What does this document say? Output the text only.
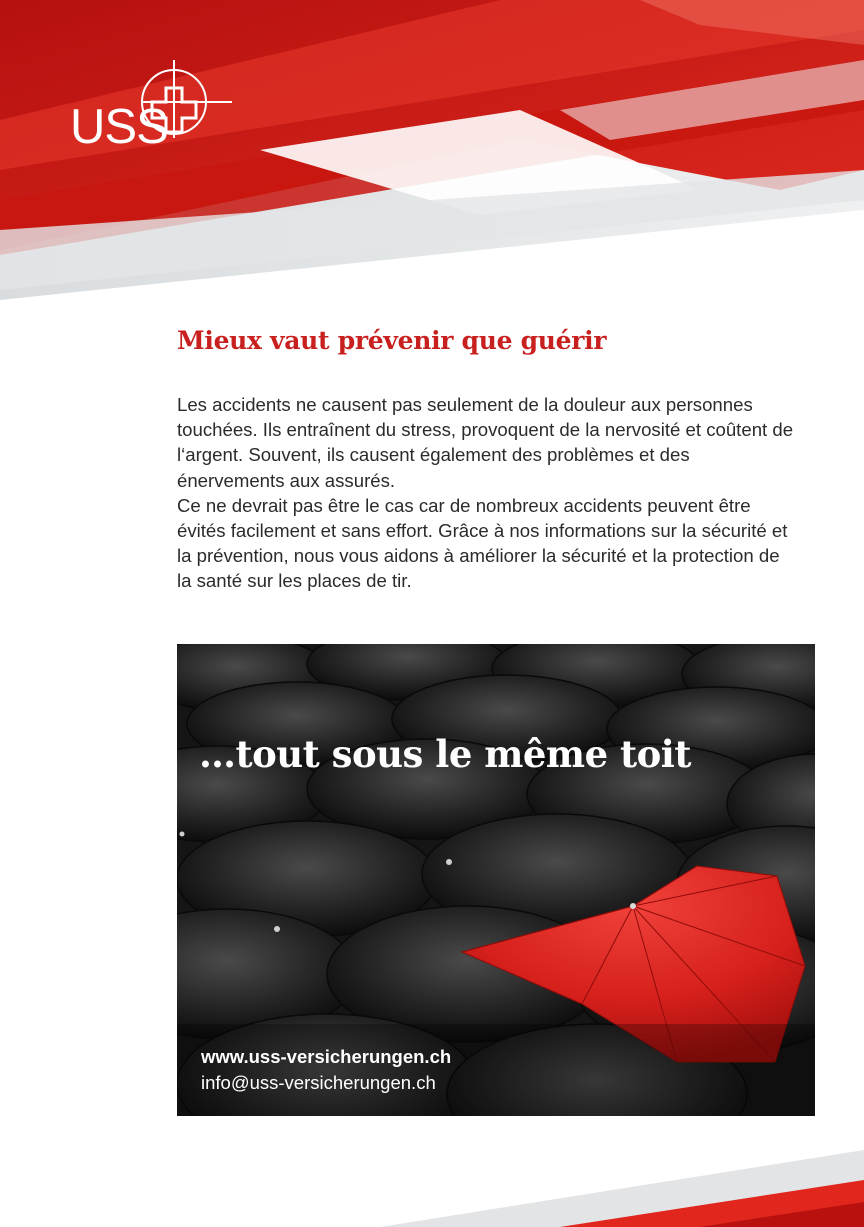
USS
Mieux vaut prévenir que guérir

Les accidents ne causent pas seulement de la douleur aux personnes touchées. Ils entraînent du stress, provoquent de la nervosité et coûtent de l‘argent. Souvent, ils causent également des problèmes et des énervements aux assurés.

Ce ne devrait pas être le cas car de nombreux accidents peuvent être évités facilement et sans effort. Grâce à nos informations sur la sécurité et la prévention, nous vous aidons à améliorer la sécurité et la protection de la santé sur les places de tir.

…tout sous le même toit
www.uss-versicherungen.ch
info@uss-versicherungen.ch
